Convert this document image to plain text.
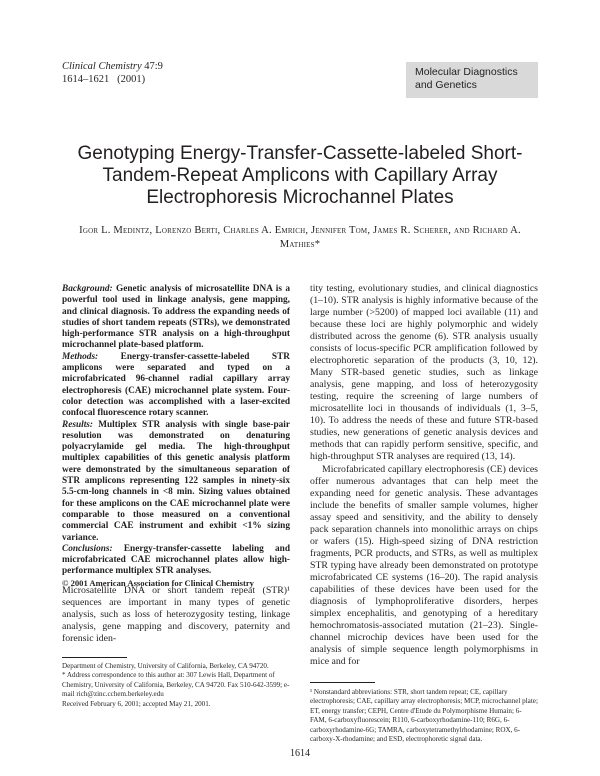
Clinical Chemistry 47:9
1614–1621   (2001)
Molecular Diagnostics and Genetics
Genotyping Energy-Transfer-Cassette-labeled Short-Tandem-Repeat Amplicons with Capillary Array Electrophoresis Microchannel Plates
Igor L. Medintz, Lorenzo Berti, Charles A. Emrich, Jennifer Tom, James R. Scherer, and Richard A. Mathies*

Background: Genetic analysis of microsatellite DNA is a powerful tool used in linkage analysis, gene mapping, and clinical diagnosis. To address the expanding needs of studies of short tandem repeats (STRs), we demonstrated high-performance STR analysis on a high-throughput microchannel plate-based platform.

Methods: Energy-transfer-cassette-labeled STR amplicons were separated and typed on a microfabricated 96-channel radial capillary array electrophoresis (CAE) microchannel plate system. Four-color detection was accomplished with a laser-excited confocal fluorescence rotary scanner.

Results: Multiplex STR analysis with single base-pair resolution was demonstrated on denaturing polyacrylamide gel media. The high-throughput multiplex capabilities of this genetic analysis platform were demonstrated by the simultaneous separation of STR amplicons representing 122 samples in ninety-six 5.5-cm-long channels in <8 min. Sizing values obtained for these amplicons on the CAE microchannel plate were comparable to those measured on a conventional commercial CAE instrument and exhibit <1% sizing variance.

Conclusions: Energy-transfer-cassette labeling and microfabricated CAE microchannel plates allow high-performance multiplex STR analyses.

© 2001 American Association for Clinical Chemistry

Microsatellite DNA or short tandem repeat (STR)¹ sequences are important in many types of genetic analysis, such as loss of heterozygosity testing, linkage analysis, gene mapping and discovery, paternity and forensic iden-

Department of Chemistry, University of California, Berkeley, CA 94720.

* Address correspondence to this author at: 307 Lewis Hall, Department of Chemistry, University of California, Berkeley, CA 94720. Fax 510-642-3599; e-mail rich@zinc.cchem.berkeley.edu

Received February 6, 2001; accepted May 21, 2001.

tity testing, evolutionary studies, and clinical diagnostics (1–10). STR analysis is highly informative because of the large number (>5200) of mapped loci available (11) and because these loci are highly polymorphic and widely distributed across the genome (6). STR analysis usually consists of locus-specific PCR amplification followed by electrophoretic separation of the products (3, 10, 12). Many STR-based genetic studies, such as linkage analysis, gene mapping, and loss of heterozygosity testing, require the screening of large numbers of microsatellite loci in thousands of individuals (1, 3–5, 10). To address the needs of these and future STR-based studies, new generations of genetic analysis devices and methods that can rapidly perform sensitive, specific, and high-throughput STR analyses are required (13, 14).

Microfabricated capillary electrophoresis (CE) devices offer numerous advantages that can help meet the expanding need for genetic analysis. These advantages include the benefits of smaller sample volumes, higher assay speed and sensitivity, and the ability to densely pack separation channels into monolithic arrays on chips or wafers (15). High-speed sizing of DNA restriction fragments, PCR products, and STRs, as well as multiplex STR typing have already been demonstrated on prototype microfabricated CE systems (16–20). The rapid analysis capabilities of these devices have been used for the diagnosis of lymphoproliferative disorders, herpes simplex encephalitis, and genotyping of a hereditary hemochromatosis-associated mutation (21–23). Single-channel microchip devices have been used for the analysis of simple sequence length polymorphisms in mice and for

¹ Nonstandard abbreviations: STR, short tandem repeat; CE, capillary electrophoresis; CAE, capillary array electrophoresis; MCP, microchannel plate; ET, energy transfer; CEPH, Centre d'Etude du Polymorphisme Humain; 6-FAM, 6-carboxyfluorescein; R110, 6-carboxyrhodamine-110; R6G, 6-carboxyrhodamine-6G; TAMRA, carboxytetramethylrhodamine; ROX, 6-carboxy-X-rhodamine; and ESD, electrophoretic signal data.

1614
